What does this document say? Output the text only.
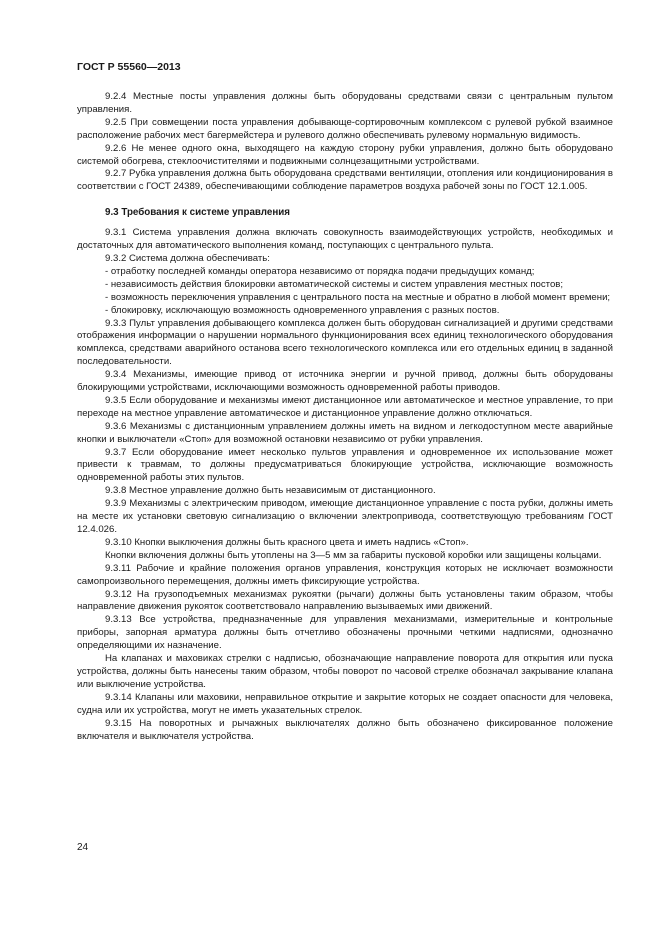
ГОСТ Р 55560—2013

9.2.4 Местные посты управления должны быть оборудованы средствами связи с центральным пультом управления.

9.2.5 При совмещении поста управления добывающе-сортировочным комплексом с рулевой рубкой взаимное расположение рабочих мест багермейстера и рулевого должно обеспечивать рулевому нормальную видимость.

9.2.6 Не менее одного окна, выходящего на каждую сторону рубки управления, должно быть оборудовано системой обогрева, стеклоочистителями и подвижными солнцезащитными устройствами.

9.2.7 Рубка управления должна быть оборудована средствами вентиляции, отопления или кондиционирования в соответствии с ГОСТ 24389, обеспечивающими соблюдение параметров воздуха рабочей зоны по ГОСТ 12.1.005.

9.3 Требования к системе управления

9.3.1 Система управления должна включать совокупность взаимодействующих устройств, необходимых и достаточных для автоматического выполнения команд, поступающих с центрального пульта.

9.3.2 Система должна обеспечивать:

- отработку последней команды оператора независимо от порядка подачи предыдущих команд;

- независимость действия блокировки автоматической системы и систем управления местных постов;

- возможность переключения управления с центрального поста на местные и обратно в любой момент времени;

- блокировку, исключающую возможность одновременного управления с разных постов.

9.3.3 Пульт управления добывающего комплекса должен быть оборудован сигнализацией и другими средствами отображения информации о нарушении нормального функционирования всех единиц технологического оборудования комплекса, средствами аварийного останова всего технологического комплекса или его отдельных единиц в заданной последовательности.

9.3.4 Механизмы, имеющие привод от источника энергии и ручной привод, должны быть оборудованы блокирующими устройствами, исключающими возможность одновременной работы приводов.

9.3.5 Если оборудование и механизмы имеют дистанционное или автоматическое и местное управление, то при переходе на местное управление автоматическое и дистанционное управление должно отключаться.

9.3.6 Механизмы с дистанционным управлением должны иметь на видном и легкодоступном месте аварийные кнопки и выключатели «Стоп» для возможной остановки независимо от рубки управления.

9.3.7 Если оборудование имеет несколько пультов управления и одновременное их использование может привести к травмам, то должны предусматриваться блокирующие устройства, исключающие возможность одновременной работы этих пультов.

9.3.8 Местное управление должно быть независимым от дистанционного.

9.3.9 Механизмы с электрическим приводом, имеющие дистанционное управление с поста рубки, должны иметь на месте их установки световую сигнализацию о включении электропривода, соответствующую требованиям ГОСТ 12.4.026.

9.3.10 Кнопки выключения должны быть красного цвета и иметь надпись «Стоп».

Кнопки включения должны быть утоплены на 3—5 мм за габариты пусковой коробки или защищены кольцами.

9.3.11 Рабочие и крайние положения органов управления, конструкция которых не исключает возможности самопроизвольного перемещения, должны иметь фиксирующие устройства.

9.3.12 На грузоподъемных механизмах рукоятки (рычаги) должны быть установлены таким образом, чтобы направление движения рукояток соответствовало направлению вызываемых ими движений.

9.3.13 Все устройства, предназначенные для управления механизмами, измерительные и контрольные приборы, запорная арматура должны быть отчетливо обозначены прочными четкими надписями, однозначно определяющими их назначение.

На клапанах и маховиках стрелки с надписью, обозначающие направление поворота для открытия или пуска устройства, должны быть нанесены таким образом, чтобы поворот по часовой стрелке обозначал закрывание клапана или выключение устройства.

9.3.14 Клапаны или маховики, неправильное открытие и закрытие которых не создает опасности для человека, судна или их устройства, могут не иметь указательных стрелок.

9.3.15 На поворотных и рычажных выключателях должно быть обозначено фиксированное положение включателя и выключателя устройства.

24
